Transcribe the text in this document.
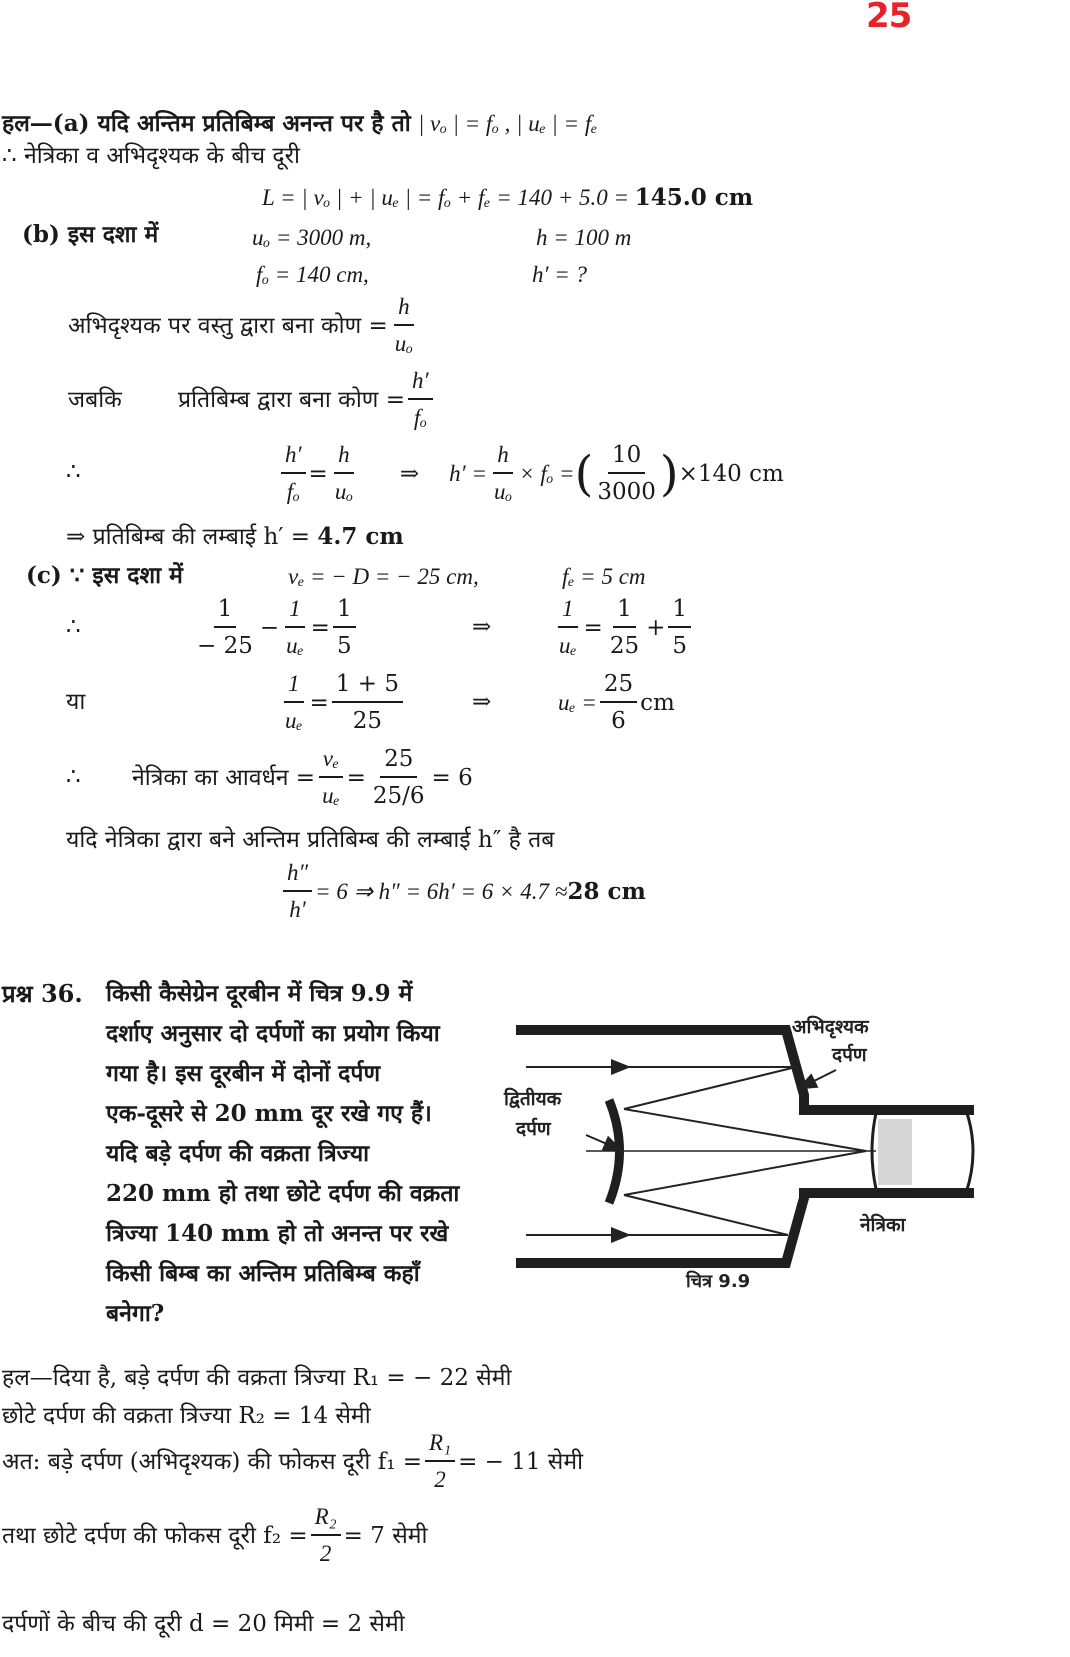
25
हल—(a) यदि अन्तिम प्रतिबिम्ब अनन्त पर है तो | vₒ | = fₒ , | uₑ | = fₑ
∴ नेत्रिका व अभिदृश्यक के बीच दूरी
L = | vₒ | + | uₑ | = fₒ + fₑ = 140 + 5.0 = 145.0 cm
(b) इस दशा में	uₒ = 3000 m,	h = 100 m
fₒ = 140 cm,	h′ = ?
अभिदृश्यक पर वस्तु द्वारा बना कोण = $\frac{h}{\text{uₒ}}$
जबकि	प्रतिबिम्ब द्वारा बना कोण = $\frac{h'}{\text{fₒ}}$
∴	$\frac{h'}{\text{fₒ}} = \frac{h}{\text{uₒ}}$ ⇒ $h' = \frac{h}{\text{uₒ}} \times f_o$ = ( $\frac{10}{3000}$ ) ×140 cm
⇒ प्रतिबिम्ब की लम्बाई h′ = 4.7 cm
(c) ∵ इस दशा में	vₑ = − D = − 25 cm,	fₑ = 5 cm
∴	$\frac{1}{- 25} - \frac{1}{\text{uₑ}} = \frac{1}{5}$	⇒	$\frac{1}{\text{uₑ}} = \frac{1}{25} + \frac{1}{5}$
या	$\frac{1}{\text{uₑ}} = \frac{1 + 5}{25}$	⇒	$u_e = \frac{25}{6}$ cm
∴ नेत्रिका का आवर्धन = $\frac{\text{vₑ}}{\text{uₑ}} = \frac{25}{25/6} = 6$
यदि नेत्रिका द्वारा बने अन्तिम प्रतिबिम्ब की लम्बाई h″ है तब
$\frac{h''}{h'} = 6$ ⇒ h″ = 6h′ = 6 × 4.7 ≈ 28 cm
प्रश्न 36. किसी कैसेग्रेन दूरबीन में चित्र 9.9 में
दर्शाए अनुसार दो दर्पणों का प्रयोग किया
गया है। इस दूरबीन में दोनों दर्पण
एक-दूसरे से 20 mm दूर रखे गए हैं।
यदि बड़े दर्पण की वक्रता त्रिज्या
220 mm हो तथा छोटे दर्पण की वक्रता
त्रिज्या 140 mm हो तो अनन्त पर रखे
किसी बिम्ब का अन्तिम प्रतिबिम्ब कहाँ
बनेगा?
अभिदृश्यक
दर्पण
द्वितीयक
दर्पण
नेत्रिका
चित्र 9.9
हल—दिया है, बड़े दर्पण की वक्रता त्रिज्या R₁ = − 22 सेमी
छोटे दर्पण की वक्रता त्रिज्या R₂ = 14 सेमी
अत: बड़े दर्पण (अभिदृश्यक) की फोकस दूरी $f_1 = \frac{\text{R₁}}{2}$ = − 11 सेमी
तथा छोटे दर्पण की फोकस दूरी $f_2 = \frac{\text{R₂}}{2} = 7$ सेमी
दर्पणों के बीच की दूरी d = 20 मिमी = 2 सेमी
